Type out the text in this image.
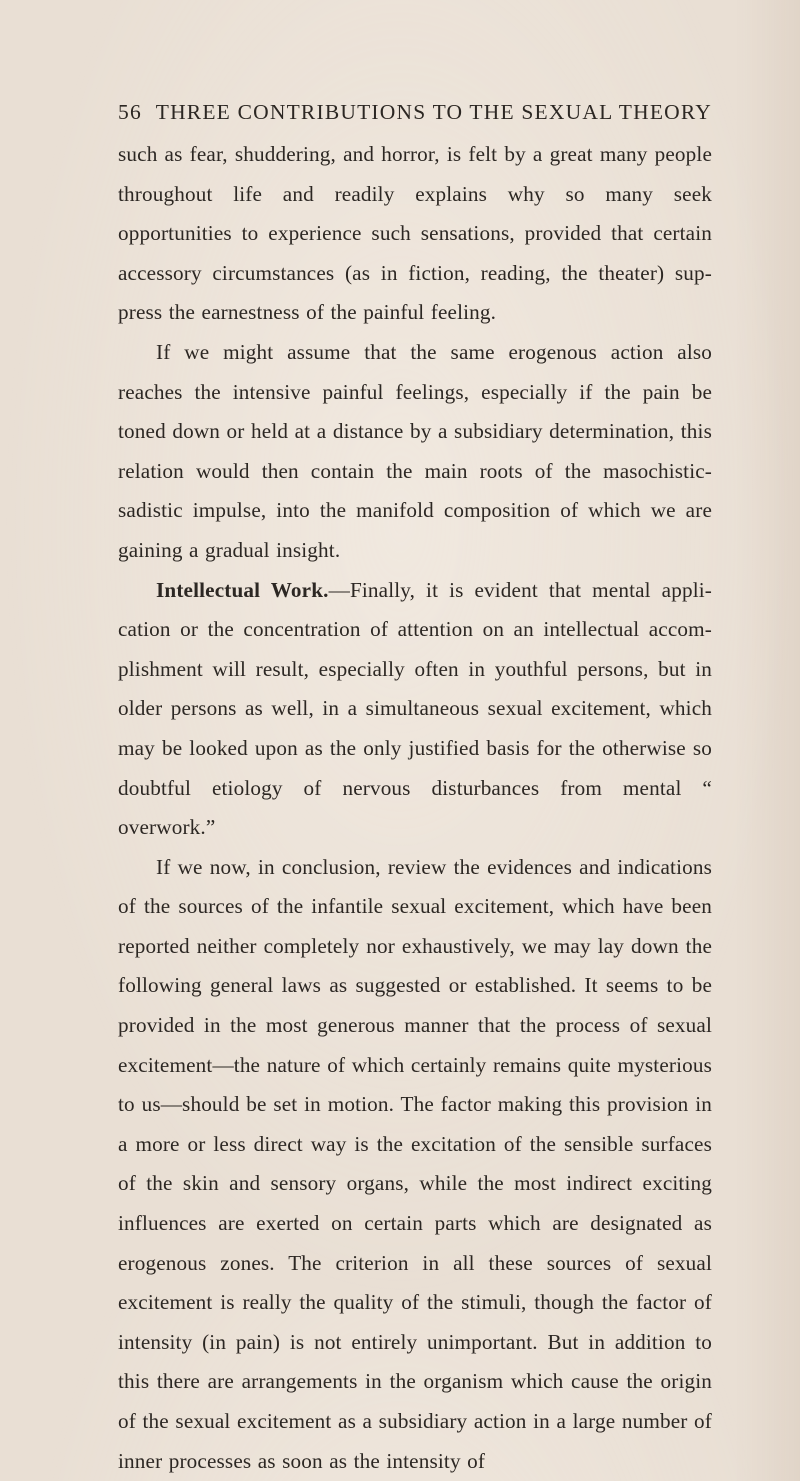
56 THREE CONTRIBUTIONS TO THE SEXUAL THEORY

such as fear, shuddering, and horror, is felt by a great many people throughout life and readily explains why so many seek opportunities to experience such sensations, provided that certain accessory circumstances (as in fiction, reading, the theater) sup-press the earnestness of the painful feeling.

If we might assume that the same erogenous action also reaches the intensive painful feelings, especially if the pain be toned down or held at a distance by a subsidiary determination, this relation would then contain the main roots of the masochistic-sadistic impulse, into the manifold composition of which we are gaining a gradual insight.

Intellectual Work.—Finally, it is evident that mental appli-cation or the concentration of attention on an intellectual accom-plishment will result, especially often in youthful persons, but in older persons as well, in a simultaneous sexual excitement, which may be looked upon as the only justified basis for the otherwise so doubtful etiology of nervous disturbances from mental “ overwork.”

If we now, in conclusion, review the evidences and indications of the sources of the infantile sexual excitement, which have been reported neither completely nor exhaustively, we may lay down the following general laws as suggested or established. It seems to be provided in the most generous manner that the process of sexual excitement—the nature of which certainly remains quite mysterious to us—should be set in motion. The factor making this provision in a more or less direct way is the excitation of the sensible surfaces of the skin and sensory organs, while the most indirect exciting influences are exerted on certain parts which are designated as erogenous zones. The criterion in all these sources of sexual excitement is really the quality of the stimuli, though the factor of intensity (in pain) is not entirely unimportant. But in addition to this there are arrangements in the organism which cause the origin of the sexual excitement as a subsidiary action in a large number of inner processes as soon as the intensity of
